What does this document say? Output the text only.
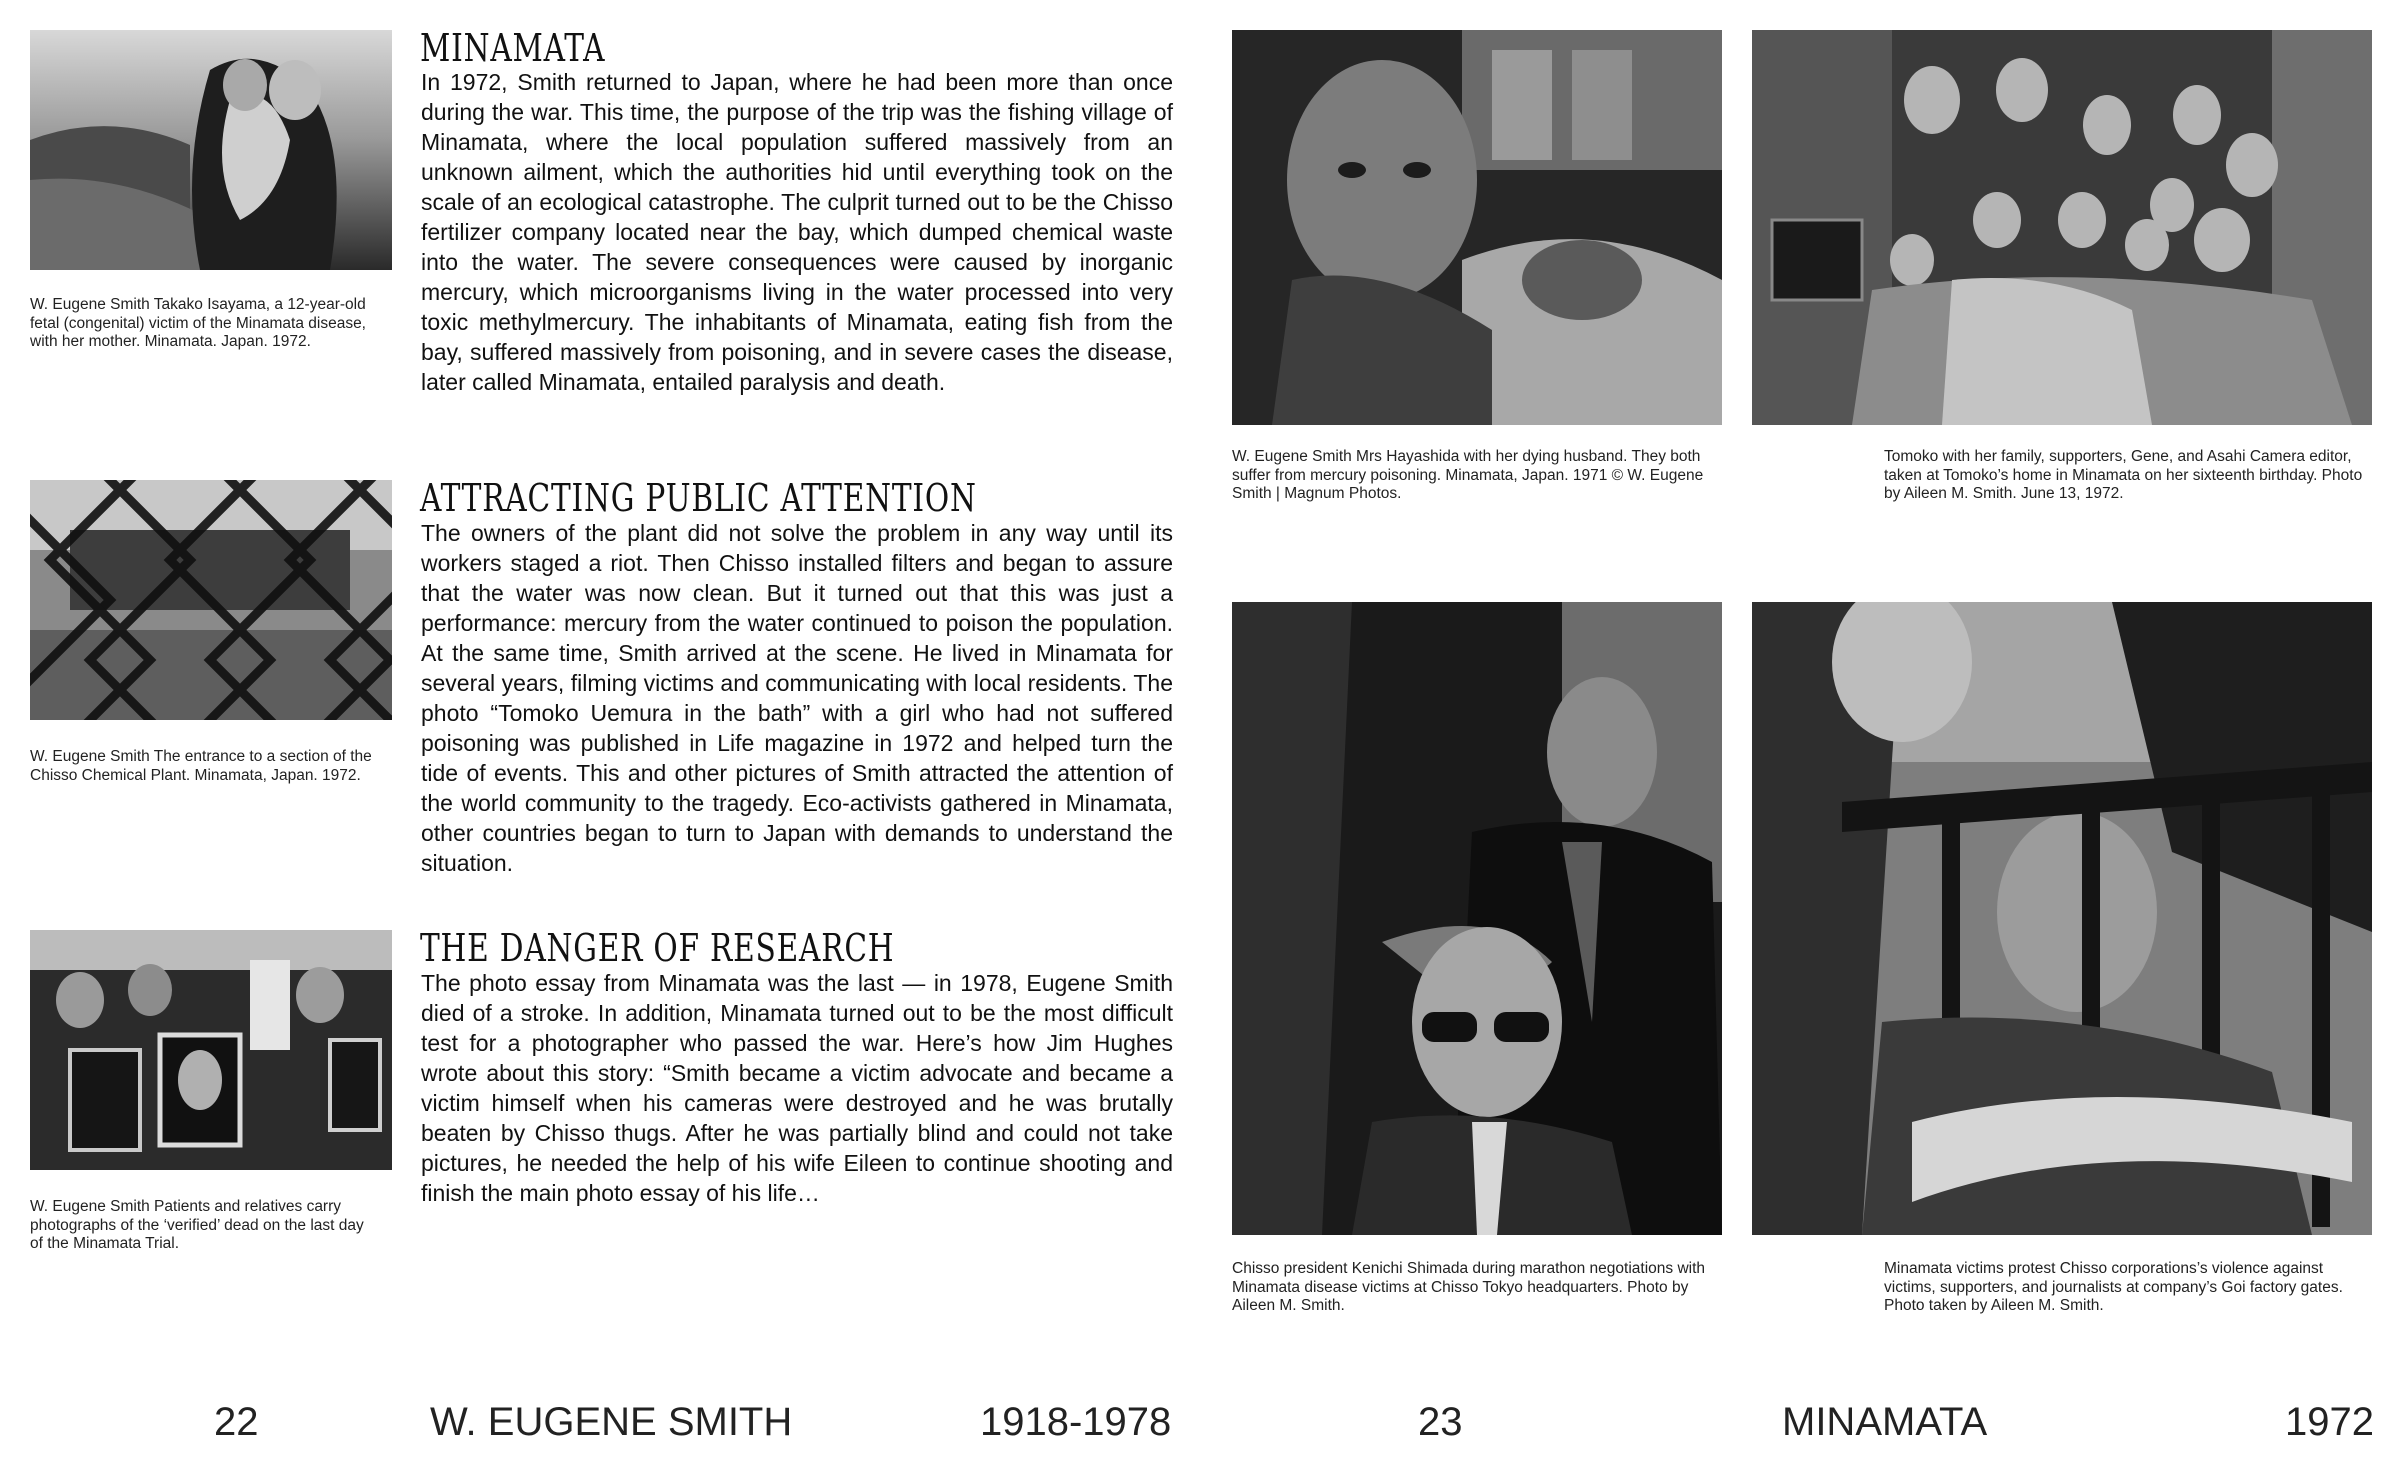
W. Eugene Smith Takako Isayama, a 12-year-old fetal (congenital) victim of the Minamata disease, with her mother. Minamata. Japan. 1972.
MINAMATA
In 1972, Smith returned to Japan, where he had been more than once during the war. This time, the purpose of the trip was the fishing village of Minamata, where the local population suffered massively from an unknown ailment, which the authorities hid until everything took on the scale of an ecological catastrophe. The culprit turned out to be the Chisso fertilizer company located near the bay, which dumped chemical waste into the water. The severe consequences were caused by inorganic mercury, which microorganisms living in the water processed into very toxic methylmercury. The inhabitants of Minamata, eating fish from the bay, suffered massively from poisoning, and in severe cases the disease, later called Minamata, entailed paralysis and death.
W. Eugene Smith The entrance to a section of the Chisso Chemical Plant. Minamata, Japan. 1972.
ATTRACTING PUBLIC ATTENTION
The owners of the plant did not solve the problem in any way until its workers staged a riot. Then Chisso installed filters and began to assure that the water was now clean. But it turned out that this was just a performance: mercury from the water continued to poison the population. At the same time, Smith arrived at the scene. He lived in Minamata for several years, filming victims and communicating with local residents. The photo “Tomoko Uemura in the bath” with a girl who had not suffered poisoning was published in Life magazine in 1972 and helped turn the tide of events. This and other pictures of Smith attracted the attention of the world community to the tragedy. Eco-activists gathered in Minamata, other countries began to turn to Japan with demands to understand the situation.
W. Eugene Smith Patients and relatives carry photographs of the ‘verified’ dead on the last day of the Minamata Trial.
THE DANGER OF RESEARCH
The photo essay from Minamata was the last — in 1978, Eugene Smith died of a stroke. In addition, Minamata turned out to be the most difficult test for a photographer who passed the war. Here’s how Jim Hughes wrote about this story: “Smith became a victim advocate and became a victim himself when his cameras were destroyed and he was brutally beaten by Chisso thugs. After he was partially blind and could not take pictures, he needed the help of his wife Eileen to continue shooting and finish the main photo essay of his life…
22	W. EUGENE SMITH	1918-1978
W. Eugene Smith Mrs Hayashida with her dying husband. They both suffer from mercury poisoning. Minamata, Japan. 1971 © W. Eugene Smith | Magnum Photos.
Tomoko with her family, supporters, Gene, and Asahi Camera editor, taken at Tomoko’s home in Minamata on her sixteenth birthday. Photo by Aileen M. Smith. June 13, 1972.
Chisso president Kenichi Shimada during marathon negotiations with Minamata disease victims at Chisso Tokyo headquarters. Photo by Aileen M. Smith.
Minamata victims protest Chisso corporations’s violence against victims, supporters, and journalists at company’s Goi factory gates. Photo taken by Aileen M. Smith.
23	MINAMATA	1972
